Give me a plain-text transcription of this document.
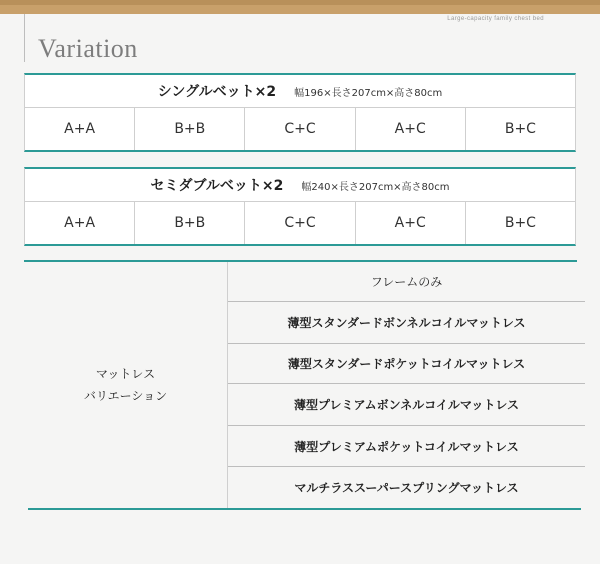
Large-capacity family chest bed
Variation
シングルベット×2 幅196×長さ207cm×高さ80cm
A+A	B+B	C+C	A+C	B+C
セミダブルベット×2 幅240×長さ207cm×高さ80cm
A+A	B+B	C+C	A+C	B+C
マットレス
バリエーション
フレームのみ
薄型スタンダードボンネルコイルマットレス
薄型スタンダードポケットコイルマットレス
薄型プレミアムボンネルコイルマットレス
薄型プレミアムポケットコイルマットレス
マルチラススーパースプリングマットレス
